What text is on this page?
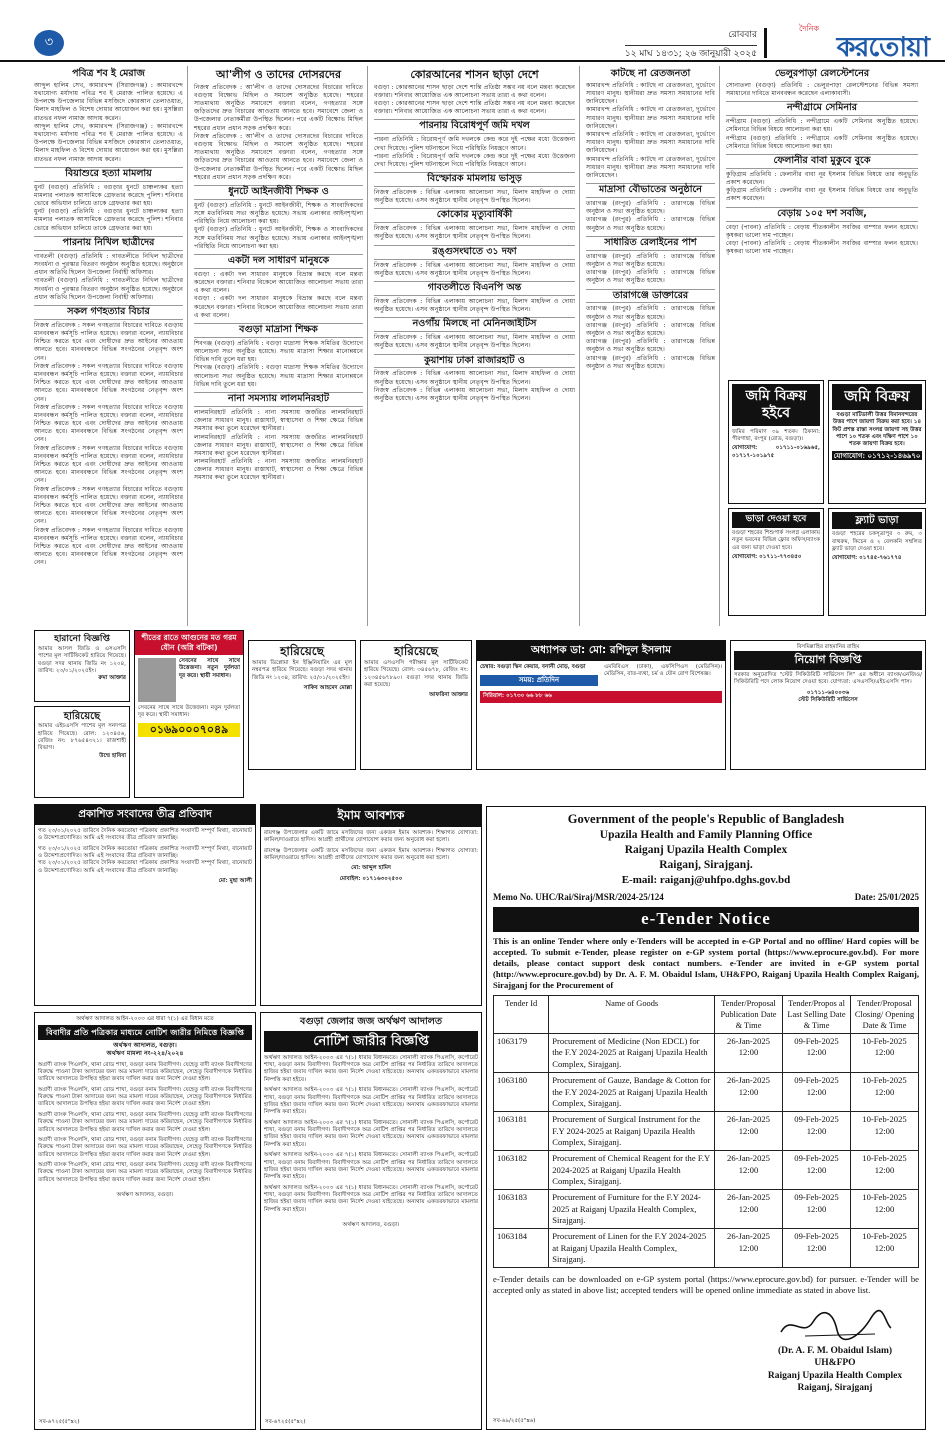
৩	রোববার
১২ মাঘ ১৪৩১; ২৬ জানুয়ারী ২০২৫
দৈনিক
করতোয়া
পবিত্র শব ই মেরাজ

আব্দুল হালিম সেখ, কামারখন্দ (সিরাজগঞ্জ) : কামারখন্দে যথাযোগ্য মর্যাদায় পবিত্র শব ই মেরাজ পালিত হয়েছে। এ উপলক্ষে উপজেলার বিভিন্ন মসজিদে কোরআন তেলাওয়াত, মিলাদ মাহফিল ও বিশেষ দোয়ার আয়োজন করা হয়। মুসল্লিরা রাতভর নফল নামাজ আদায় করেন।

আব্দুল হালিম সেখ, কামারখন্দ (সিরাজগঞ্জ) : কামারখন্দে যথাযোগ্য মর্যাদায় পবিত্র শব ই মেরাজ পালিত হয়েছে। এ উপলক্ষে উপজেলার বিভিন্ন মসজিদে কোরআন তেলাওয়াত, মিলাদ মাহফিল ও বিশেষ দোয়ার আয়োজন করা হয়। মুসল্লিরা রাতভর নফল নামাজ আদায় করেন।

বিয়াশুরে হত্যা মামলায়

ধুনট (বগুড়া) প্রতিনিধি : বগুড়ার ধুনটে চাঞ্চল্যকর হত্যা মামলার পলাতক আসামিকে গ্রেফতার করেছে পুলিশ। শনিবার ভোরে অভিযান চালিয়ে তাকে গ্রেফতার করা হয়।

ধুনট (বগুড়া) প্রতিনিধি : বগুড়ার ধুনটে চাঞ্চল্যকর হত্যা মামলার পলাতক আসামিকে গ্রেফতার করেছে পুলিশ। শনিবার ভোরে অভিযান চালিয়ে তাকে গ্রেফতার করা হয়।

পারনায় নিখিল ছাত্রীদের

গাবতলী (বগুড়া) প্রতিনিধি : গাবতলীতে নিখিল ছাত্রীদের সংবর্ধনা ও পুরস্কার বিতরণ অনুষ্ঠান অনুষ্ঠিত হয়েছে। অনুষ্ঠানে প্রধান অতিথি ছিলেন উপজেলা নির্বাহী অফিসার।

গাবতলী (বগুড়া) প্রতিনিধি : গাবতলীতে নিখিল ছাত্রীদের সংবর্ধনা ও পুরস্কার বিতরণ অনুষ্ঠান অনুষ্ঠিত হয়েছে। অনুষ্ঠানে প্রধান অতিথি ছিলেন উপজেলা নির্বাহী অফিসার।

সকল গণহত্যার বিচার

নিজস্ব প্রতিবেদক : সকল গণহত্যার বিচারের দাবিতে বগুড়ায় মানববন্ধন কর্মসূচি পালিত হয়েছে। বক্তারা বলেন, ন্যায়বিচার নিশ্চিত করতে হবে এবং দোষীদের দ্রুত আইনের আওতায় আনতে হবে। মানববন্ধনে বিভিন্ন সংগঠনের নেতৃবৃন্দ অংশ নেন।

নিজস্ব প্রতিবেদক : সকল গণহত্যার বিচারের দাবিতে বগুড়ায় মানববন্ধন কর্মসূচি পালিত হয়েছে। বক্তারা বলেন, ন্যায়বিচার নিশ্চিত করতে হবে এবং দোষীদের দ্রুত আইনের আওতায় আনতে হবে। মানববন্ধনে বিভিন্ন সংগঠনের নেতৃবৃন্দ অংশ নেন।

নিজস্ব প্রতিবেদক : সকল গণহত্যার বিচারের দাবিতে বগুড়ায় মানববন্ধন কর্মসূচি পালিত হয়েছে। বক্তারা বলেন, ন্যায়বিচার নিশ্চিত করতে হবে এবং দোষীদের দ্রুত আইনের আওতায় আনতে হবে। মানববন্ধনে বিভিন্ন সংগঠনের নেতৃবৃন্দ অংশ নেন।

নিজস্ব প্রতিবেদক : সকল গণহত্যার বিচারের দাবিতে বগুড়ায় মানববন্ধন কর্মসূচি পালিত হয়েছে। বক্তারা বলেন, ন্যায়বিচার নিশ্চিত করতে হবে এবং দোষীদের দ্রুত আইনের আওতায় আনতে হবে। মানববন্ধনে বিভিন্ন সংগঠনের নেতৃবৃন্দ অংশ নেন।

নিজস্ব প্রতিবেদক : সকল গণহত্যার বিচারের দাবিতে বগুড়ায় মানববন্ধন কর্মসূচি পালিত হয়েছে। বক্তারা বলেন, ন্যায়বিচার নিশ্চিত করতে হবে এবং দোষীদের দ্রুত আইনের আওতায় আনতে হবে। মানববন্ধনে বিভিন্ন সংগঠনের নেতৃবৃন্দ অংশ নেন।

নিজস্ব প্রতিবেদক : সকল গণহত্যার বিচারের দাবিতে বগুড়ায় মানববন্ধন কর্মসূচি পালিত হয়েছে। বক্তারা বলেন, ন্যায়বিচার নিশ্চিত করতে হবে এবং দোষীদের দ্রুত আইনের আওতায় আনতে হবে। মানববন্ধনে বিভিন্ন সংগঠনের নেতৃবৃন্দ অংশ নেন।

আ'লীগ ও তাদের দোসরদের

নিজস্ব প্রতিবেদক : আ'লীগ ও তাদের দোসরদের বিচারের দাবিতে বগুড়ায় বিক্ষোভ মিছিল ও সমাবেশ অনুষ্ঠিত হয়েছে। শহরের সাতমাথায় অনুষ্ঠিত সমাবেশে বক্তারা বলেন, গণহত্যার সঙ্গে জড়িতদের দ্রুত বিচারের আওতায় আনতে হবে। সমাবেশে জেলা ও উপজেলার নেতাকর্মীরা উপস্থিত ছিলেন। পরে একটি বিক্ষোভ মিছিল শহরের প্রধান প্রধান সড়ক প্রদক্ষিণ করে।

নিজস্ব প্রতিবেদক : আ'লীগ ও তাদের দোসরদের বিচারের দাবিতে বগুড়ায় বিক্ষোভ মিছিল ও সমাবেশ অনুষ্ঠিত হয়েছে। শহরের সাতমাথায় অনুষ্ঠিত সমাবেশে বক্তারা বলেন, গণহত্যার সঙ্গে জড়িতদের দ্রুত বিচারের আওতায় আনতে হবে। সমাবেশে জেলা ও উপজেলার নেতাকর্মীরা উপস্থিত ছিলেন। পরে একটি বিক্ষোভ মিছিল শহরের প্রধান প্রধান সড়ক প্রদক্ষিণ করে।

ধুনটে আইনজীবী শিক্ষক ও

ধুনট (বগুড়া) প্রতিনিধি : ধুনটে আইনজীবী, শিক্ষক ও সাংবাদিকদের সঙ্গে মতবিনিময় সভা অনুষ্ঠিত হয়েছে। সভায় এলাকার আইনশৃঙ্খলা পরিস্থিতি নিয়ে আলোচনা করা হয়।

ধুনট (বগুড়া) প্রতিনিধি : ধুনটে আইনজীবী, শিক্ষক ও সাংবাদিকদের সঙ্গে মতবিনিময় সভা অনুষ্ঠিত হয়েছে। সভায় এলাকার আইনশৃঙ্খলা পরিস্থিতি নিয়ে আলোচনা করা হয়।

একটা দল সাধারণ মানুষকে

বগুড়া : একটা দল সাধারণ মানুষকে বিভ্রান্ত করছে বলে মন্তব্য করেছেন বক্তারা। শনিবার বিকেলে আয়োজিত আলোচনা সভায় তারা এ কথা বলেন।

বগুড়া : একটা দল সাধারণ মানুষকে বিভ্রান্ত করছে বলে মন্তব্য করেছেন বক্তারা। শনিবার বিকেলে আয়োজিত আলোচনা সভায় তারা এ কথা বলেন।

বগুড়া মাদ্রাসা শিক্ষক

শিবগঞ্জ (বগুড়া) প্রতিনিধি : বগুড়া মাদ্রাসা শিক্ষক সমিতির উদ্যোগে আলোচনা সভা অনুষ্ঠিত হয়েছে। সভায় মাদ্রাসা শিক্ষার মানোন্নয়নে বিভিন্ন দাবি তুলে ধরা হয়।

শিবগঞ্জ (বগুড়া) প্রতিনিধি : বগুড়া মাদ্রাসা শিক্ষক সমিতির উদ্যোগে আলোচনা সভা অনুষ্ঠিত হয়েছে। সভায় মাদ্রাসা শিক্ষার মানোন্নয়নে বিভিন্ন দাবি তুলে ধরা হয়।

নানা সমস্যায় লালমনিরহাট

লালমনিরহাট প্রতিনিধি : নানা সমস্যায় জর্জরিত লালমনিরহাট জেলার সাধারণ মানুষ। রাস্তাঘাট, স্বাস্থ্যসেবা ও শিক্ষা ক্ষেত্রে বিভিন্ন সমস্যার কথা তুলে ধরেছেন স্থানীয়রা।

লালমনিরহাট প্রতিনিধি : নানা সমস্যায় জর্জরিত লালমনিরহাট জেলার সাধারণ মানুষ। রাস্তাঘাট, স্বাস্থ্যসেবা ও শিক্ষা ক্ষেত্রে বিভিন্ন সমস্যার কথা তুলে ধরেছেন স্থানীয়রা।

লালমনিরহাট প্রতিনিধি : নানা সমস্যায় জর্জরিত লালমনিরহাট জেলার সাধারণ মানুষ। রাস্তাঘাট, স্বাস্থ্যসেবা ও শিক্ষা ক্ষেত্রে বিভিন্ন সমস্যার কথা তুলে ধরেছেন স্থানীয়রা।

কোরআনের শাসন ছাড়া দেশে

বগুড়া : কোরআনের শাসন ছাড়া দেশে শান্তি প্রতিষ্ঠা সম্ভব নয় বলে মন্তব্য করেছেন বক্তারা। শনিবার আয়োজিত এক আলোচনা সভায় তারা এ কথা বলেন।

বগুড়া : কোরআনের শাসন ছাড়া দেশে শান্তি প্রতিষ্ঠা সম্ভব নয় বলে মন্তব্য করেছেন বক্তারা। শনিবার আয়োজিত এক আলোচনা সভায় তারা এ কথা বলেন।

পারনায় বিরোধপূর্ণ জমি দখল

পারনা প্রতিনিধি : বিরোধপূর্ণ জমি দখলকে কেন্দ্র করে দুই পক্ষের মধ্যে উত্তেজনা দেখা দিয়েছে। পুলিশ ঘটনাস্থলে গিয়ে পরিস্থিতি নিয়ন্ত্রণে আনে।

পারনা প্রতিনিধি : বিরোধপূর্ণ জমি দখলকে কেন্দ্র করে দুই পক্ষের মধ্যে উত্তেজনা দেখা দিয়েছে। পুলিশ ঘটনাস্থলে গিয়ে পরিস্থিতি নিয়ন্ত্রণে আনে।

বিস্ফোরক মামলায় ভাসুড়

নিজস্ব প্রতিবেদক : বিভিন্ন এলাকায় আলোচনা সভা, মিলাদ মাহফিল ও দোয়া অনুষ্ঠিত হয়েছে। এসব অনুষ্ঠানে স্থানীয় নেতৃবৃন্দ উপস্থিত ছিলেন।

কোকোর মৃত্যুবার্ষিকী

নিজস্ব প্রতিবেদক : বিভিন্ন এলাকায় আলোচনা সভা, মিলাদ মাহফিল ও দোয়া অনুষ্ঠিত হয়েছে। এসব অনুষ্ঠানে স্থানীয় নেতৃবৃন্দ উপস্থিত ছিলেন।

রঙ্গুসংঘাতে ৩১ দফা

নিজস্ব প্রতিবেদক : বিভিন্ন এলাকায় আলোচনা সভা, মিলাদ মাহফিল ও দোয়া অনুষ্ঠিত হয়েছে। এসব অনুষ্ঠানে স্থানীয় নেতৃবৃন্দ উপস্থিত ছিলেন।

গাবতলীতে বিএনপি অন্ত

নিজস্ব প্রতিবেদক : বিভিন্ন এলাকায় আলোচনা সভা, মিলাদ মাহফিল ও দোয়া অনুষ্ঠিত হয়েছে। এসব অনুষ্ঠানে স্থানীয় নেতৃবৃন্দ উপস্থিত ছিলেন।

নওগাঁয় মিলছে না মেনিনজাইটিস

নিজস্ব প্রতিবেদক : বিভিন্ন এলাকায় আলোচনা সভা, মিলাদ মাহফিল ও দোয়া অনুষ্ঠিত হয়েছে। এসব অনুষ্ঠানে স্থানীয় নেতৃবৃন্দ উপস্থিত ছিলেন।

কুয়াশায় ঢাকা রাজারহাট ও

নিজস্ব প্রতিবেদক : বিভিন্ন এলাকায় আলোচনা সভা, মিলাদ মাহফিল ও দোয়া অনুষ্ঠিত হয়েছে। এসব অনুষ্ঠানে স্থানীয় নেতৃবৃন্দ উপস্থিত ছিলেন।

নিজস্ব প্রতিবেদক : বিভিন্ন এলাকায় আলোচনা সভা, মিলাদ মাহফিল ও দোয়া অনুষ্ঠিত হয়েছে। এসব অনুষ্ঠানে স্থানীয় নেতৃবৃন্দ উপস্থিত ছিলেন।

কাটছে না রেতজনতা

কামারখন্দ প্রতিনিধি : কাটছে না রেতজনতা, দুর্ভোগে সাধারণ মানুষ। স্থানীয়রা দ্রুত সমস্যা সমাধানের দাবি জানিয়েছেন।

কামারখন্দ প্রতিনিধি : কাটছে না রেতজনতা, দুর্ভোগে সাধারণ মানুষ। স্থানীয়রা দ্রুত সমস্যা সমাধানের দাবি জানিয়েছেন।

কামারখন্দ প্রতিনিধি : কাটছে না রেতজনতা, দুর্ভোগে সাধারণ মানুষ। স্থানীয়রা দ্রুত সমস্যা সমাধানের দাবি জানিয়েছেন।

কামারখন্দ প্রতিনিধি : কাটছে না রেতজনতা, দুর্ভোগে সাধারণ মানুষ। স্থানীয়রা দ্রুত সমস্যা সমাধানের দাবি জানিয়েছেন।

মাদ্রাসা বৌভাতের অনুষ্ঠানে

তারাগঞ্জ (রংপুর) প্রতিনিধি : তারাগঞ্জে বিভিন্ন অনুষ্ঠান ও সভা অনুষ্ঠিত হয়েছে।

তারাগঞ্জ (রংপুর) প্রতিনিধি : তারাগঞ্জে বিভিন্ন অনুষ্ঠান ও সভা অনুষ্ঠিত হয়েছে।

সাধারিত রেলাইনের পাশ

তারাগঞ্জ (রংপুর) প্রতিনিধি : তারাগঞ্জে বিভিন্ন অনুষ্ঠান ও সভা অনুষ্ঠিত হয়েছে।

তারাগঞ্জ (রংপুর) প্রতিনিধি : তারাগঞ্জে বিভিন্ন অনুষ্ঠান ও সভা অনুষ্ঠিত হয়েছে।

তারাগঞ্জে ডাক্তারের

তারাগঞ্জ (রংপুর) প্রতিনিধি : তারাগঞ্জে বিভিন্ন অনুষ্ঠান ও সভা অনুষ্ঠিত হয়েছে।

তারাগঞ্জ (রংপুর) প্রতিনিধি : তারাগঞ্জে বিভিন্ন অনুষ্ঠান ও সভা অনুষ্ঠিত হয়েছে।

তারাগঞ্জ (রংপুর) প্রতিনিধি : তারাগঞ্জে বিভিন্ন অনুষ্ঠান ও সভা অনুষ্ঠিত হয়েছে।

তারাগঞ্জ (রংপুর) প্রতিনিধি : তারাগঞ্জে বিভিন্ন অনুষ্ঠান ও সভা অনুষ্ঠিত হয়েছে।

ভেলুরপাড়া রেলস্টেশনের

সোনাতলা (বগুড়া) প্রতিনিধি : ভেলুরপাড়া রেলস্টেশনের বিভিন্ন সমস্যা সমাধানের দাবিতে মানববন্ধন করেছেন এলাকাবাসী।

নন্দীগ্রামে সেমিনার

নন্দীগ্রাম (বগুড়া) প্রতিনিধি : নন্দীগ্রামে একটি সেমিনার অনুষ্ঠিত হয়েছে। সেমিনারে বিভিন্ন বিষয়ে আলোচনা করা হয়।

নন্দীগ্রাম (বগুড়া) প্রতিনিধি : নন্দীগ্রামে একটি সেমিনার অনুষ্ঠিত হয়েছে। সেমিনারে বিভিন্ন বিষয়ে আলোচনা করা হয়।

ফেলানীর বাবা মুকুবে বুকে

কুড়িগ্রাম প্রতিনিধি : ফেলানীর বাবা নূর ইসলাম বিভিন্ন বিষয়ে তার অনুভূতি প্রকাশ করেছেন।

কুড়িগ্রাম প্রতিনিধি : ফেলানীর বাবা নূর ইসলাম বিভিন্ন বিষয়ে তার অনুভূতি প্রকাশ করেছেন।

বেড়ায় ১০৫ দশ সবজি,

বেড়া (পাবনা) প্রতিনিধি : বেড়ায় শীতকালীন সবজির বাম্পার ফলন হয়েছে। কৃষকরা ভালো দাম পাচ্ছেন।

বেড়া (পাবনা) প্রতিনিধি : বেড়ায় শীতকালীন সবজির বাম্পার ফলন হয়েছে। কৃষকরা ভালো দাম পাচ্ছেন।

জমি বিক্রয় হইবে

জমির পরিমাণ ৩৯ শতক। ঠিকানা: পীরগাছা, রংপুর (রোড, বগুড়া)।

যোগাযোগ: ০১৭১১-০১৬৯৬৫, ০১৭১৭-১০১৯৭৫

জমি বিক্রয়

বগুড়া মাটিডালী উত্তর বিমানবন্দরের উত্তর পাশে জায়গা বিক্রয় করা হবে। ১৪ ফিট প্রশস্ত রাস্তা সংলগ্ন জায়গা সহ উত্তর পাশে ১০ শতক এবং দক্ষিণ পাশে ১০ শতক জায়গা বিক্রয় হবে।

যোগাযোগ: ০১৭১২-১৪৬৯৭০

ভাড়া দেওয়া হবে

বগুড়া শহরের শিশুপার্ক সংলগ্ন এলাকায় নতুন ভবনের বিভিন্ন ফ্লোর অফিস/ব্যাংক এর জন্য ভাড়া দেওয়া হবে।

যোগাযোগ: ০১৭১১-৭৭৩৪৫০

ফ্ল্যাট ভাড়া

বগুড়া শহরের চকসূত্রাপুর ৩ রুম, ৩ বাথরুম, কিচেন ও ২ বেলকনি সম্বলিত ফ্ল্যাট ভাড়া দেওয়া হবে।

যোগাযোগ: ০১৭৪৫-৭৬১৭৭৪

হারানো বিজ্ঞপ্তি

আমার আসল জিডি ও এসএসসি পাশের মূল সার্টিফিকেট হারিয়ে গিয়েছে। বগুড়া সদর থানায় জিডি নং ১২০৪, তারিখ: ২৩/০১/২০২৫ইং।

রুমা আক্তার

হারিয়েছে

আমার এইচএসসি পাশের মূল সনদপত্র হারিয়ে গিয়েছে। রোল: ১২৩৪৫৬, রেজিঃ নং: ৮৭৬৫৪৩২১। রাজশাহী বিভাগ।

উম্মে হাবিবা

শীতের রাতে আগুনের মত গরম যৌন (অগ্নি বটিকা)

সেবনের সাথে সাথে উত্তেজনা। নতুন দুর্বলতা দূর করে। স্থায়ী সমাধান।

সেবনের সাথে সাথে উত্তেজনা। নতুন দুর্বলতা দূর করে। স্থায়ী সমাধান।

০১৬৯০০০৭০৪৯
হারিয়েছে

আমার ডিপ্লোমা ইন ইঞ্জিনিয়ারিং এর মূল নম্বরপত্র হারিয়ে গিয়েছে। বগুড়া সদর থানায় জিডি নং ১২৩৪, তারিখ: ২৫/০১/২০২৫ইং।

সাকিব আহমেদ মোল্লা

হারিয়েছে

আমার এসএসসি পরীক্ষার মূল সার্টিফিকেট হারিয়ে গিয়েছে। রোল: ৩৪৫৬৭৮, রেজিঃ নং: ১২৩৪৫৬৭৮৯০। বগুড়া সদর থানায় জিডি করা হয়েছে।

আফরিনা আক্তার

অধ্যাপক ডা: মো: রশিদুল ইসলাম

চেম্বার: বগুড়া স্কিন কেয়ার, বনানী মোড়, বগুড়া

সময়: প্রতিদিন

এমবিবিএস (ঢাকা), এফসিপিএস (মেডিসিন)। মেডিসিন, বাত-ব্যথা, চর্ম ও যৌন রোগ বিশেষজ্ঞ।

সিরিয়াল: ০১৭৩০ ৬৬ ৮৮ ৬৬

বিসমিল্লাহির রাহমানির রাহিম
নিয়োগ বিজ্ঞপ্তি

সরকার অনুমোদিত "স্টেট সিকিউরিটি সার্ভিসেস লি" এর অধীনে ব্যাংক/এনজিও/সিকিউরিটি পদে লোক নিয়োগ দেওয়া হবে। যোগ্যতা: এসএসসি/এইচএসসি পাস।

০১৭১১-৬৪০০৩৬

স্টেট সিকিউরিটি সার্ভিসেস

প্রকাশিত সংবাদের তীব্র প্রতিবাদ

গত ২৩/০১/২০২৫ তারিখে দৈনিক করতোয়া পত্রিকায় প্রকাশিত সংবাদটি সম্পূর্ণ মিথ্যা, বানোয়াট ও উদ্দেশ্যপ্রণোদিত। আমি এই সংবাদের তীব্র প্রতিবাদ জানাচ্ছি।

গত ২৩/০১/২০২৫ তারিখে দৈনিক করতোয়া পত্রিকায় প্রকাশিত সংবাদটি সম্পূর্ণ মিথ্যা, বানোয়াট ও উদ্দেশ্যপ্রণোদিত। আমি এই সংবাদের তীব্র প্রতিবাদ জানাচ্ছি।

গত ২৩/০১/২০২৫ তারিখে দৈনিক করতোয়া পত্রিকায় প্রকাশিত সংবাদটি সম্পূর্ণ মিথ্যা, বানোয়াট ও উদ্দেশ্যপ্রণোদিত। আমি এই সংবাদের তীব্র প্রতিবাদ জানাচ্ছি।

মো: মুছা আলী

ইমাম আবশ্যক

রায়গঞ্জ উপজেলার একটি জামে মসজিদের জন্য একজন ইমাম আবশ্যক। শিক্ষাগত যোগ্যতা: কামিল/দাওরায়ে হাদিস। আগ্রহী প্রার্থীদের যোগাযোগ করার জন্য অনুরোধ করা হলো।

রায়গঞ্জ উপজেলার একটি জামে মসজিদের জন্য একজন ইমাম আবশ্যক। শিক্ষাগত যোগ্যতা: কামিল/দাওরায়ে হাদিস। আগ্রহী প্রার্থীদের যোগাযোগ করার জন্য অনুরোধ করা হলো।

মো: আব্দুল হামিদ

মোবাইল: ০১৭১৬৩০২৫০০

অর্থঋণ আদালত আইন-২০০৩ এর ধারা ৭(১) এর বিধান মতে
বিবাদীর প্রতি পত্রিকার মাধ্যমে নোটিশ জারীর নিমিত্তে বিজ্ঞপ্তি
অর্থঋণ আদালত, বগুড়া।
অর্থঋণ মামলা নং-২২৪/২০২৪

অগ্রণী ব্যাংক পিএলসি, থানা রোড শাখা, বগুড়া বনাম বিবাদীগণ। যেহেতু বাদী ব্যাংক বিবাদীগণের বিরুদ্ধে পাওনা টাকা আদায়ের জন্য অত্র মামলা দায়ের করিয়াছেন, সেহেতু বিবাদীগণকে নির্ধারিত তারিখে আদালতে উপস্থিত হইয়া জবাব দাখিল করার জন্য নির্দেশ দেওয়া হইল।

অগ্রণী ব্যাংক পিএলসি, থানা রোড শাখা, বগুড়া বনাম বিবাদীগণ। যেহেতু বাদী ব্যাংক বিবাদীগণের বিরুদ্ধে পাওনা টাকা আদায়ের জন্য অত্র মামলা দায়ের করিয়াছেন, সেহেতু বিবাদীগণকে নির্ধারিত তারিখে আদালতে উপস্থিত হইয়া জবাব দাখিল করার জন্য নির্দেশ দেওয়া হইল।

অগ্রণী ব্যাংক পিএলসি, থানা রোড শাখা, বগুড়া বনাম বিবাদীগণ। যেহেতু বাদী ব্যাংক বিবাদীগণের বিরুদ্ধে পাওনা টাকা আদায়ের জন্য অত্র মামলা দায়ের করিয়াছেন, সেহেতু বিবাদীগণকে নির্ধারিত তারিখে আদালতে উপস্থিত হইয়া জবাব দাখিল করার জন্য নির্দেশ দেওয়া হইল।

অগ্রণী ব্যাংক পিএলসি, থানা রোড শাখা, বগুড়া বনাম বিবাদীগণ। যেহেতু বাদী ব্যাংক বিবাদীগণের বিরুদ্ধে পাওনা টাকা আদায়ের জন্য অত্র মামলা দায়ের করিয়াছেন, সেহেতু বিবাদীগণকে নির্ধারিত তারিখে আদালতে উপস্থিত হইয়া জবাব দাখিল করার জন্য নির্দেশ দেওয়া হইল।

অগ্রণী ব্যাংক পিএলসি, থানা রোড শাখা, বগুড়া বনাম বিবাদীগণ। যেহেতু বাদী ব্যাংক বিবাদীগণের বিরুদ্ধে পাওনা টাকা আদায়ের জন্য অত্র মামলা দায়ের করিয়াছেন, সেহেতু বিবাদীগণকে নির্ধারিত তারিখে আদালতে উপস্থিত হইয়া জবাব দাখিল করার জন্য নির্দেশ দেওয়া হইল।

অর্থঋণ আদালত, বগুড়া।

সব-৬৭২৫(৫"x২)

বগুড়া জেলার জজ অর্থঋণ আদালত
নোটিশ জারীর বিজ্ঞপ্তি

অর্থঋণ আদালত আইন-২০০৩ এর ৭(১) ধারার বিধানমতে। সোনালী ব্যাংক পিএলসি, কর্পোরেট শাখা, বগুড়া বনাম বিবাদীগণ। বিবাদীগণকে অত্র নোটিশ প্রাপ্তির পর নির্ধারিত তারিখে আদালতে হাজির হইয়া জবাব দাখিল করার জন্য নির্দেশ দেওয়া যাইতেছে। অন্যথায় একতরফাভাবে মামলার নিষ্পত্তি করা হইবে।

অর্থঋণ আদালত আইন-২০০৩ এর ৭(১) ধারার বিধানমতে। সোনালী ব্যাংক পিএলসি, কর্পোরেট শাখা, বগুড়া বনাম বিবাদীগণ। বিবাদীগণকে অত্র নোটিশ প্রাপ্তির পর নির্ধারিত তারিখে আদালতে হাজির হইয়া জবাব দাখিল করার জন্য নির্দেশ দেওয়া যাইতেছে। অন্যথায় একতরফাভাবে মামলার নিষ্পত্তি করা হইবে।

অর্থঋণ আদালত আইন-২০০৩ এর ৭(১) ধারার বিধানমতে। সোনালী ব্যাংক পিএলসি, কর্পোরেট শাখা, বগুড়া বনাম বিবাদীগণ। বিবাদীগণকে অত্র নোটিশ প্রাপ্তির পর নির্ধারিত তারিখে আদালতে হাজির হইয়া জবাব দাখিল করার জন্য নির্দেশ দেওয়া যাইতেছে। অন্যথায় একতরফাভাবে মামলার নিষ্পত্তি করা হইবে।

অর্থঋণ আদালত আইন-২০০৩ এর ৭(১) ধারার বিধানমতে। সোনালী ব্যাংক পিএলসি, কর্পোরেট শাখা, বগুড়া বনাম বিবাদীগণ। বিবাদীগণকে অত্র নোটিশ প্রাপ্তির পর নির্ধারিত তারিখে আদালতে হাজির হইয়া জবাব দাখিল করার জন্য নির্দেশ দেওয়া যাইতেছে। অন্যথায় একতরফাভাবে মামলার নিষ্পত্তি করা হইবে।

অর্থঋণ আদালত আইন-২০০৩ এর ৭(১) ধারার বিধানমতে। সোনালী ব্যাংক পিএলসি, কর্পোরেট শাখা, বগুড়া বনাম বিবাদীগণ। বিবাদীগণকে অত্র নোটিশ প্রাপ্তির পর নির্ধারিত তারিখে আদালতে হাজির হইয়া জবাব দাখিল করার জন্য নির্দেশ দেওয়া যাইতেছে। অন্যথায় একতরফাভাবে মামলার নিষ্পত্তি করা হইবে।

অর্থঋণ আদালত, বগুড়া।

সব-৬৭২৫(৫"x২)

Government of the people's Republic of Bangladesh
Upazila Health and Family Planning Office
Raiganj Upazila Health Complex
Raiganj, Sirajganj.
E-mail: raiganj@uhfpo.dghs.gov.bd
Memo No. UHC/Rai/Siraj/MSR/2024-25/124	Date: 25/01/2025
e-Tender Notice

This is an online Tender where only e-Tenders will be accepted in e-GP Portal and no offline/ Hard copies will be accepted. To submit e-Tender, please register on e-GP system portal (https://www.eprocure.gov.bd). For more details, please contact support desk contact numbers. e-Tender are invited in e-GP system portal (http://www.eprocure.gov.bd) by Dr. A. F. M. Obaidul Islam, UH&FPO, Raiganj Upazila Health Complex Raiganj, Sirajganj for the Procurement of

Tender Id	Name of Goods	Tender/Proposal Publication Date & Time	Tender/Propos al Last Selling Date & Time	Tender/Proposal Closing/ Opening Date & Time
1063179	Procurement of Medicine (Non EDCL) for the F.Y 2024-2025 at Raiganj Upazila Health Complex, Sirajganj.	26-Jan-2025 12:00	09-Feb-2025 12:00	10-Feb-2025 12:00
1063180	Procurement of Gauze, Bandage & Cotton for the F.Y 2024-2025 at Raiganj Upazila Health Complex, Sirajganj.	26-Jan-2025 12:00	09-Feb-2025 12:00	10-Feb-2025 12:00
1063181	Procurement of Surgical Instrument for the F.Y 2024-2025 at Raiganj Upazila Health Complex, Sirajganj.	26-Jan-2025 12:00	09-Feb-2025 12:00	10-Feb-2025 12:00
1063182	Procurement of Chemical Reagent for the F.Y 2024-2025 at Raiganj Upazila Health Complex, Sirajganj.	26-Jan-2025 12:00	09-Feb-2025 12:00	10-Feb-2025 12:00
1063183	Procurement of Furniture for the F.Y 2024-2025 at Raiganj Upazila Health Complex, Sirajganj.	26-Jan-2025 12:00	09-Feb-2025 12:00	10-Feb-2025 12:00
1063184	Procurement of Linen for the F.Y 2024-2025 at Raiganj Upazila Health Complex, Sirajganj.	26-Jan-2025 12:00	09-Feb-2025 12:00	10-Feb-2025 12:00

e-Tender details can be downloaded on e-GP system portal (https://www.eprocure.gov.bd) for pursuer. e-Tender will be accepted only as stated in above list; accepted tenders will be opened online immediate as stated in above list.

(Dr. A. F. M. Obaidul Islam)
UH&FPO
Raiganj Upazila Health Complex
Raiganj, Sirajganj

সব-৬৯/২৫(৫"x৬)
